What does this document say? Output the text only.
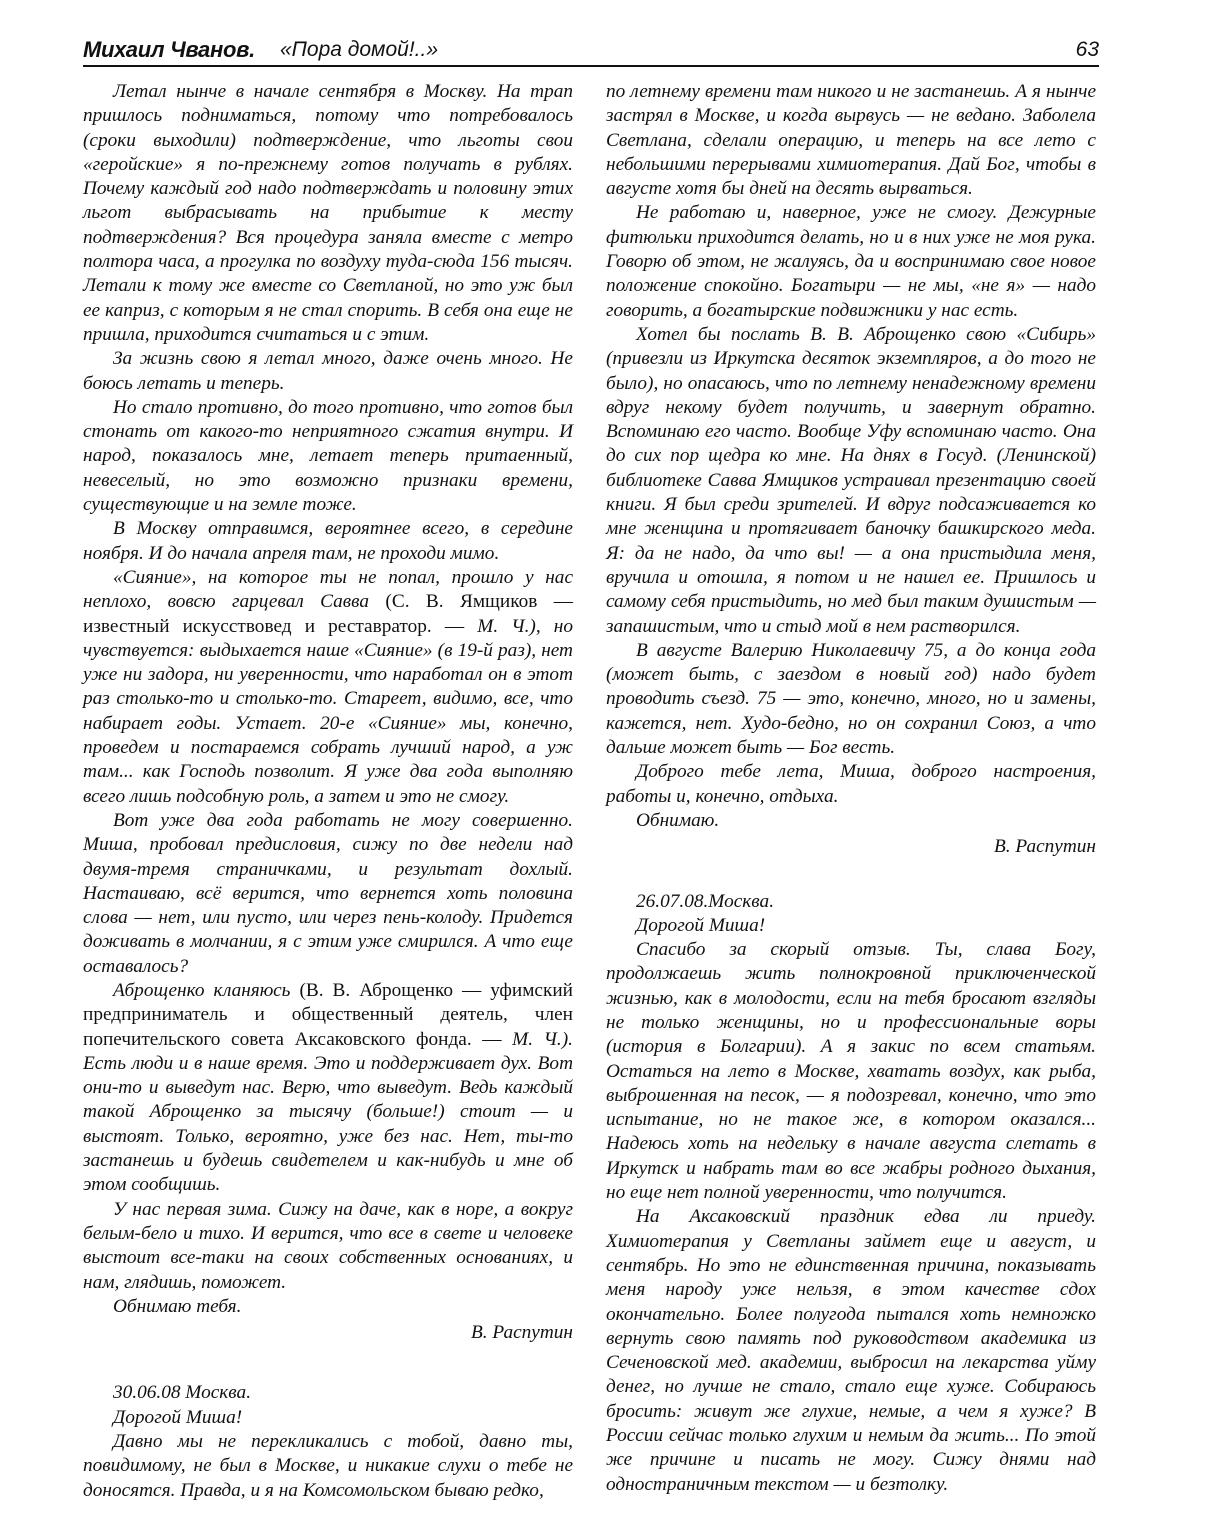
Михаил Чванов. «Пора домой!..»	63

Летал нынче в начале сентября в Москву. На трап пришлось подниматься, потому что потребовалось (сроки выходили) подтверждение, что льготы свои «геройские» я по-прежнему готов получать в рублях. Почему каждый год надо подтверждать и половину этих льгот выбрасывать на прибытие к месту подтверждения? Вся процедура заняла вместе с метро полтора часа, а прогулка по воздуху туда-сюда 156 тысяч. Летали к тому же вместе со Светланой, но это уж был ее каприз, с которым я не стал спорить. В себя она еще не пришла, приходится считаться и с этим.

За жизнь свою я летал много, даже очень много. Не боюсь летать и теперь.

Но стало противно, до того противно, что готов был стонать от какого-то неприятного сжатия внутри. И народ, показалось мне, летает теперь притаенный, невеселый, но это возможно признаки времени, существующие и на земле тоже.

В Москву отправимся, вероятнее всего, в середине ноября. И до начала апреля там, не проходи мимо.

«Сияние», на которое ты не попал, прошло у нас неплохо, вовсю гарцевал Савва (С. В. Ямщиков — известный искусствовед и реставратор. — М. Ч.), но чувствуется: выдыхается наше «Сияние» (в 19-й раз), нет уже ни задора, ни уверенности, что наработал он в этот раз столько-то и столько-то. Стареет, видимо, все, что набирает годы. Устает. 20-е «Сияние» мы, конечно, проведем и постараемся собрать лучший народ, а уж там... как Господь позволит. Я уже два года выполняю всего лишь подсобную роль, а затем и это не смогу.

Вот уже два года работать не могу совершенно. Миша, пробовал предисловия, сижу по две недели над двумя-тремя страничками, и результат дохлый. Настаиваю, всё верится, что вернется хоть половина слова — нет, или пусто, или через пень-колоду. Придется доживать в молчании, я с этим уже смирился. А что еще оставалось?

Аброщенко кланяюсь (В. В. Аброщенко — уфимский предприниматель и общественный деятель, член попечительского совета Аксаковского фонда. — М. Ч.). Есть люди и в наше время. Это и поддерживает дух. Вот они-то и выведут нас. Верю, что выведут. Ведь каждый такой Аброщенко за тысячу (больше!) стоит — и выстоят. Только, вероятно, уже без нас. Нет, ты-то застанешь и будешь свидетелем и как-нибудь и мне об этом сообщишь.

У нас первая зима. Сижу на даче, как в норе, а вокруг белым-бело и тихо. И верится, что все в свете и человеке выстоит все-таки на своих собственных основаниях, и нам, глядишь, поможет.

Обнимаю тебя.

В. Распутин

30.06.08 Москва.

Дорогой Миша!

Давно мы не перекликались с тобой, давно ты, повидимому, не был в Москве, и никакие слухи о тебе не доносятся. Правда, и я на Комсомольском бываю редко,

по летнему времени там никого и не застанешь. А я нынче застрял в Москве, и когда вырвусь — не ведано. Заболела Светлана, сделали операцию, и теперь на все лето с небольшими перерывами химиотерапия. Дай Бог, чтобы в августе хотя бы дней на десять вырваться.

Не работаю и, наверное, уже не смогу. Дежурные фитюльки приходится делать, но и в них уже не моя рука. Говорю об этом, не жалуясь, да и воспринимаю свое новое положение спокойно. Богатыри — не мы, «не я» — надо говорить, а богатырские подвижники у нас есть.

Хотел бы послать В. В. Аброщенко свою «Сибирь» (привезли из Иркутска десяток экземпляров, а до того не было), но опасаюсь, что по летнему ненадежному времени вдруг некому будет получить, и завернут обратно. Вспоминаю его часто. Вообще Уфу вспоминаю часто. Она до сих пор щедра ко мне. На днях в Госуд. (Ленинской) библиотеке Савва Ямщиков устраивал презентацию своей книги. Я был среди зрителей. И вдруг подсаживается ко мне женщина и протягивает баночку башкирского меда. Я: да не надо, да что вы! — а она пристыдила меня, вручила и отошла, я потом и не нашел ее. Пришлось и самому себя пристыдить, но мед был таким душистым — запашистым, что и стыд мой в нем растворился.

В августе Валерию Николаевичу 75, а до конца года (может быть, с заездом в новый год) надо будет проводить съезд. 75 — это, конечно, много, но и замены, кажется, нет. Худо-бедно, но он сохранил Союз, а что дальше может быть — Бог весть.

Доброго тебе лета, Миша, доброго настроения, работы и, конечно, отдыха.

Обнимаю.

В. Распутин

26.07.08.Москва.

Дорогой Миша!

Спасибо за скорый отзыв. Ты, слава Богу, продолжаешь жить полнокровной приключенческой жизнью, как в молодости, если на тебя бросают взгляды не только женщины, но и профессиональные воры (история в Болгарии). А я закис по всем статьям. Остаться на лето в Москве, хватать воздух, как рыба, выброшенная на песок, — я подозревал, конечно, что это испытание, но не такое же, в котором оказался... Надеюсь хоть на недельку в начале августа слетать в Иркутск и набрать там во все жабры родного дыхания, но еще нет полной уверенности, что получится.

На Аксаковский праздник едва ли приеду. Химиотерапия у Светланы займет еще и август, и сентябрь. Но это не единственная причина, показывать меня народу уже нельзя, в этом качестве сдох окончательно. Более полугода пытался хоть немножко вернуть свою память под руководством академика из Сеченовской мед. академии, выбросил на лекарства уйму денег, но лучше не стало, стало еще хуже. Собираюсь бросить: живут же глухие, немые, а чем я хуже? В России сейчас только глухим и немым да жить... По этой же причине и писать не могу. Сижу днями над одностраничным текстом — и безтолку.
